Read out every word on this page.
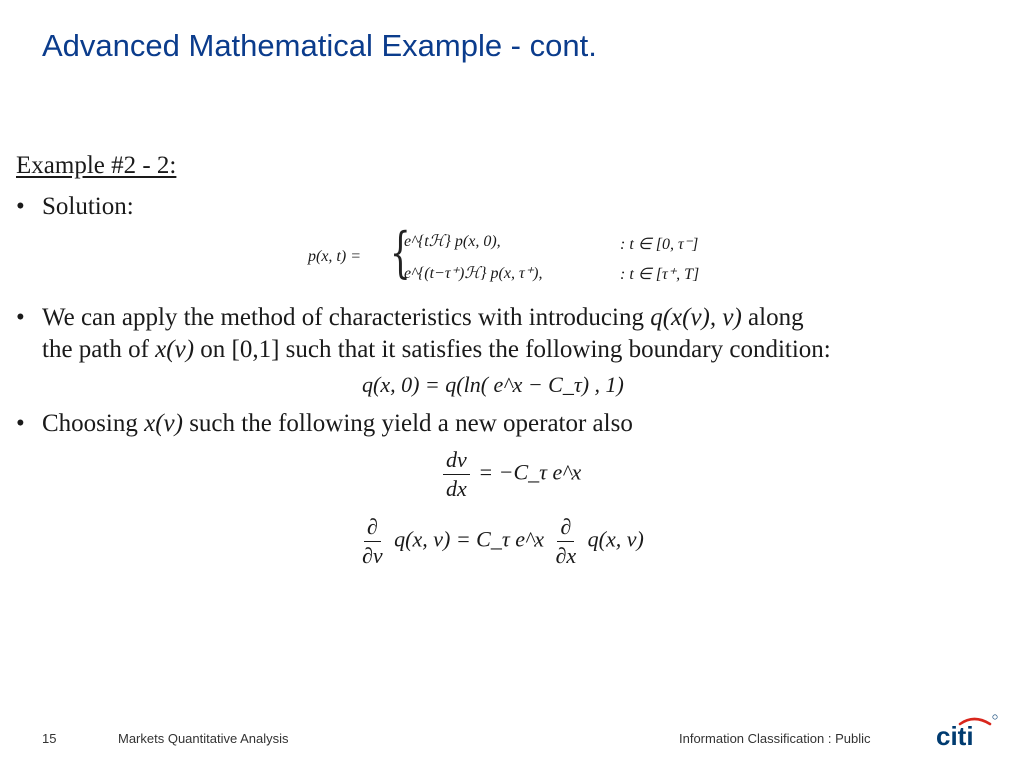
Advanced Mathematical Example - cont.
Example #2 - 2:
• Solution:
p(x, t) = {
e^{tℋ} p(x, 0),	: t ∈ [0, τ⁻]
e^{(t−τ⁺)ℋ} p(x, τ⁺),	: t ∈ [τ⁺, T]
• We can apply the method of characteristics with introducing q(x(v), v) along
the path of x(v) on [0,1] such that it satisfies the following boundary condition:
q(x, 0) = q(ln( e^x − C_τ) , 1)
• Choosing x(v) such the following yield a new operator also
$\frac{dv}{dx}$ = −C_τ e^x
$\frac{\partial}{\partial v} q(x$, v) = C_τ e^x $\frac{\partial}{\partial x} q(x$, v)
15	Markets Quantitative Analysis	Information Classification : Public	citi
